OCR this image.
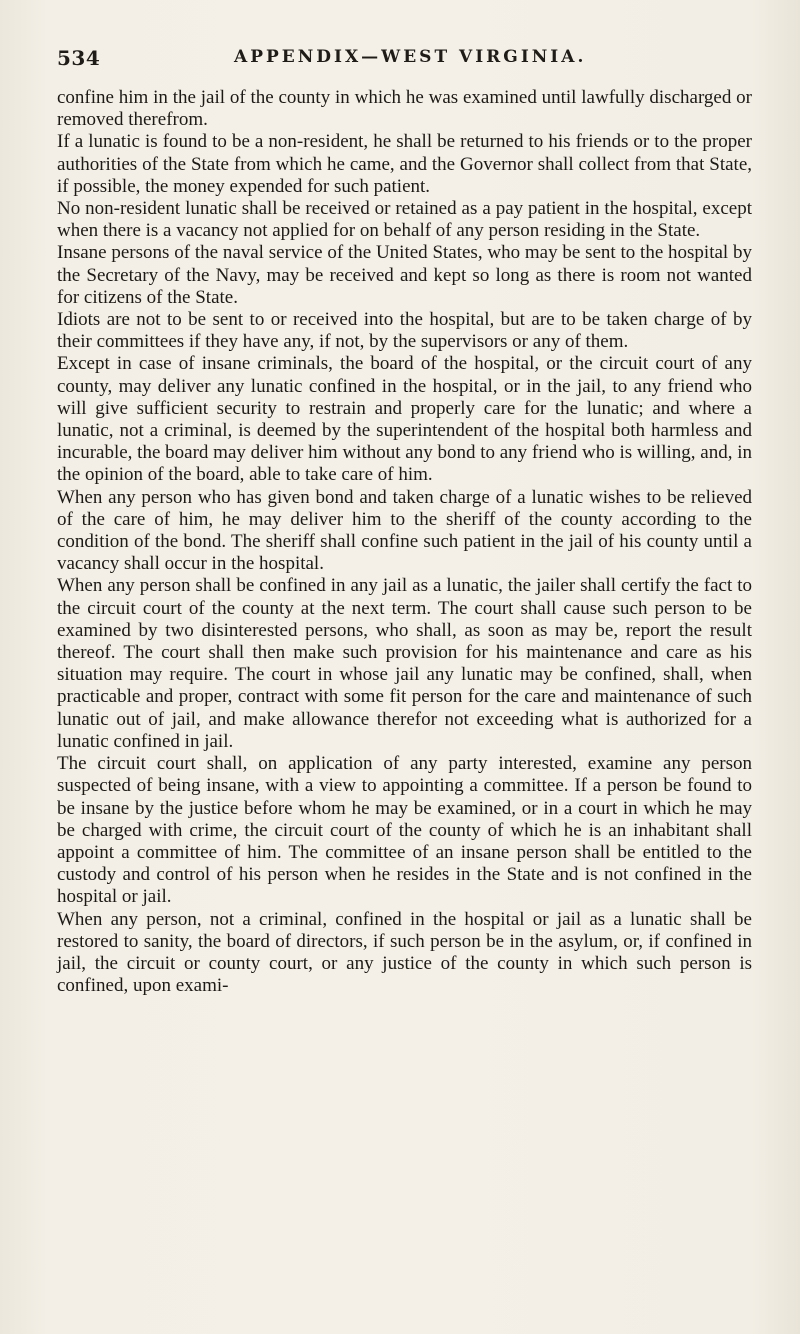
534	APPENDIX—WEST VIRGINIA.

confine him in the jail of the county in which he was examined until lawfully discharged or removed therefrom.

If a lunatic is found to be a non-resident, he shall be returned to his friends or to the proper authorities of the State from which he came, and the Governor shall collect from that State, if possible, the money expended for such patient.

No non-resident lunatic shall be received or retained as a pay patient in the hospital, except when there is a vacancy not applied for on behalf of any person residing in the State.

Insane persons of the naval service of the United States, who may be sent to the hospital by the Secretary of the Navy, may be received and kept so long as there is room not wanted for citizens of the State.

Idiots are not to be sent to or received into the hospital, but are to be taken charge of by their committees if they have any, if not, by the supervisors or any of them.

Except in case of insane criminals, the board of the hospital, or the circuit court of any county, may deliver any lunatic confined in the hospital, or in the jail, to any friend who will give sufficient security to restrain and properly care for the lunatic; and where a lunatic, not a criminal, is deemed by the superintendent of the hospital both harmless and incurable, the board may deliver him without any bond to any friend who is willing, and, in the opinion of the board, able to take care of him.

When any person who has given bond and taken charge of a lunatic wishes to be relieved of the care of him, he may deliver him to the sheriff of the county according to the condition of the bond. The sheriff shall confine such patient in the jail of his county until a vacancy shall occur in the hospital.

When any person shall be confined in any jail as a lunatic, the jailer shall certify the fact to the circuit court of the county at the next term. The court shall cause such person to be examined by two disinterested persons, who shall, as soon as may be, report the result thereof. The court shall then make such provision for his maintenance and care as his situation may require. The court in whose jail any lunatic may be confined, shall, when practicable and proper, contract with some fit person for the care and maintenance of such lunatic out of jail, and make allowance therefor not exceeding what is authorized for a lunatic confined in jail.

The circuit court shall, on application of any party interested, examine any person suspected of being insane, with a view to appointing a committee. If a person be found to be insane by the justice before whom he may be examined, or in a court in which he may be charged with crime, the circuit court of the county of which he is an inhabitant shall appoint a committee of him. The committee of an insane person shall be entitled to the custody and control of his person when he resides in the State and is not confined in the hospital or jail.

When any person, not a criminal, confined in the hospital or jail as a lunatic shall be restored to sanity, the board of directors, if such person be in the asylum, or, if confined in jail, the circuit or county court, or any justice of the county in which such person is confined, upon exami-
